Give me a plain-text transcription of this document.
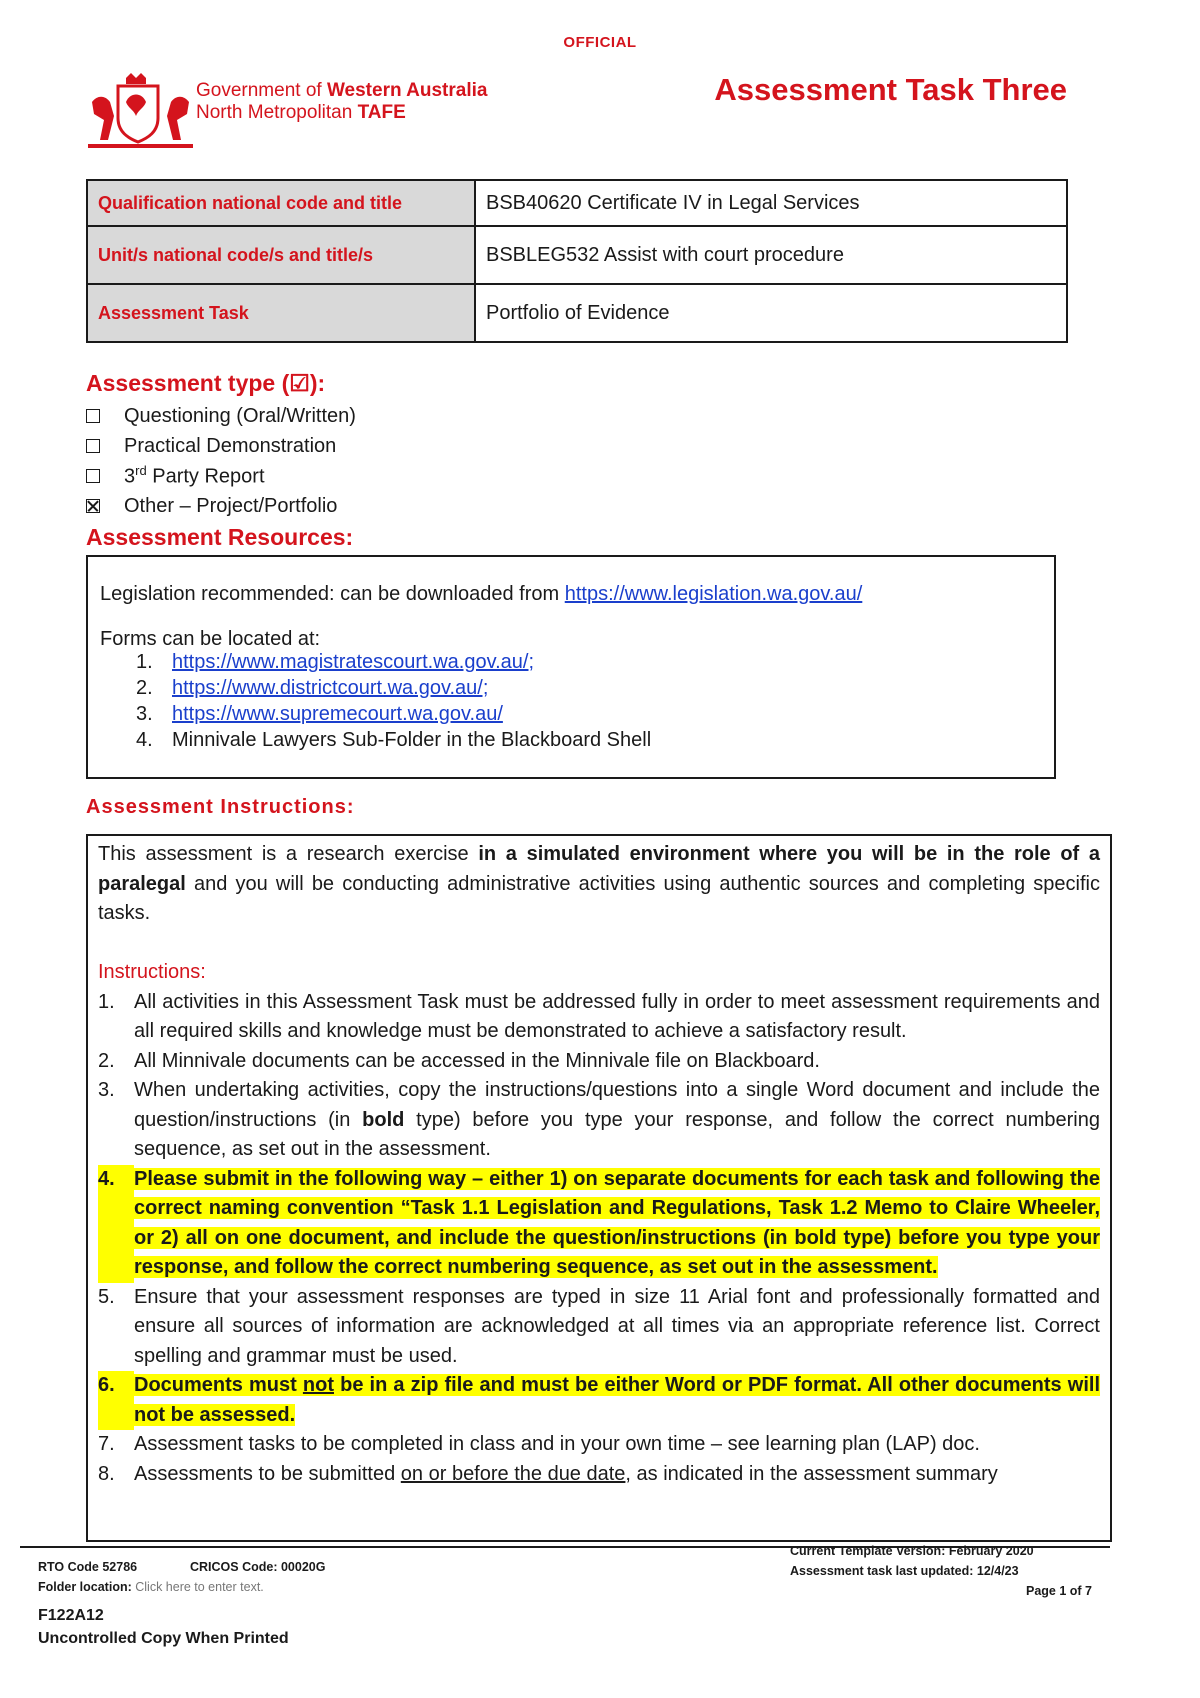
OFFICIAL
Government of Western Australia
North Metropolitan TAFE
Assessment Task Three
Qualification national code and title	BSB40620 Certificate IV in Legal Services
Unit/s national code/s and title/s	BSBLEG532 Assist with court procedure
Assessment Task	Portfolio of Evidence
Assessment type (☑):
Questioning (Oral/Written)
Practical Demonstration
3rd Party Report
Other – Project/Portfolio
Assessment Resources:

Legislation recommended: can be downloaded from https://www.legislation.wa.gov.au/

Forms can be located at:

1. https://www.magistratescourt.wa.gov.au/;
2. https://www.districtcourt.wa.gov.au/;
3. https://www.supremecourt.wa.gov.au/
4. Minnivale Lawyers Sub-Folder in the Blackboard Shell
Assessment Instructions:

This assessment is a research exercise in a simulated environment where you will be in the role of a paralegal and you will be conducting administrative activities using authentic sources and completing specific tasks.

Instructions:

1. All activities in this Assessment Task must be addressed fully in order to meet assessment requirements and all required skills and knowledge must be demonstrated to achieve a satisfactory result.
2. All Minnivale documents can be accessed in the Minnivale file on Blackboard.
3. When undertaking activities, copy the instructions/questions into a single Word document and include the question/instructions (in bold type) before you type your response, and follow the correct numbering sequence, as set out in the assessment.
4. Please submit in the following way – either 1) on separate documents for each task and following the correct naming convention “Task 1.1 Legislation and Regulations, Task 1.2 Memo to Claire Wheeler, or 2) all on one document, and include the question/instructions (in bold type) before you type your response, and follow the correct numbering sequence, as set out in the assessment.
5. Ensure that your assessment responses are typed in size 11 Arial font and professionally formatted and ensure all sources of information are acknowledged at all times via an appropriate reference list. Correct spelling and grammar must be used.
6. Documents must not be in a zip file and must be either Word or PDF format. All other documents will not be assessed.
7. Assessment tasks to be completed in class and in your own time – see learning plan (LAP) doc.
8. Assessments to be submitted on or before the due date, as indicated in the assessment summary
RTO Code 52786	CRICOS Code: 00020G
Folder location: Click here to enter text.
Current Template Version: February 2020
Assessment task last updated: 12/4/23
Page 1 of 7
F122A12
Uncontrolled Copy When Printed
